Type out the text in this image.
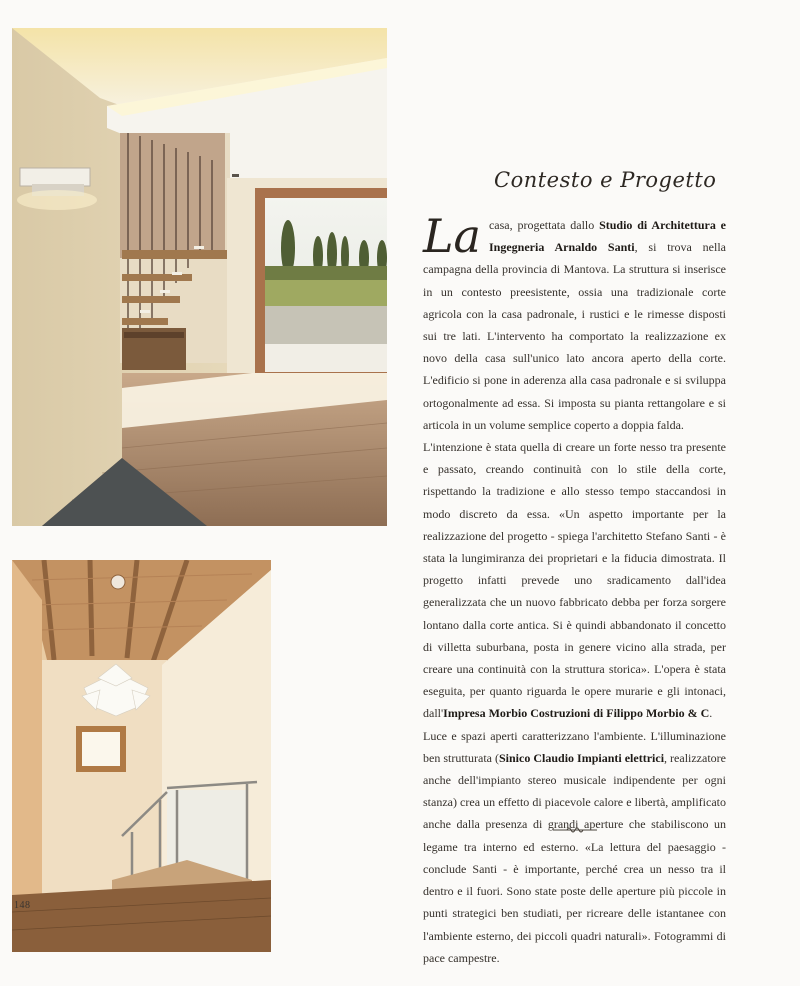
148
Contesto e Progetto
La casa, progettata dallo Studio di Architettura e Ingegneria Arnaldo Santi, si trova nella campagna della provincia di Mantova. La struttura si inserisce in un contesto preesistente, ossia una tradizionale corte agricola con la casa padronale, i rustici e le rimesse disposti sui tre lati. L'intervento ha comportato la realizzazione ex novo della casa sull'unico lato ancora aperto della corte. L'edificio si pone in aderenza alla casa padronale e si sviluppa ortogonalmente ad essa. Si imposta su pianta rettangolare e si articola in un volume semplice coperto a doppia falda.

L'intenzione è stata quella di creare un forte nesso tra presente e passato, creando continuità con lo stile della corte, rispettando la tradizione e allo stesso tempo staccandosi in modo discreto da essa. «Un aspetto importante per la realizzazione del progetto - spiega l'architetto Stefano Santi - è stata la lungimiranza dei proprietari e la fiducia dimostrata. Il progetto infatti prevede uno sradicamento dall'idea generalizzata che un nuovo fabbricato debba per forza sorgere lontano dalla corte antica. Si è quindi abbandonato il concetto di villetta suburbana, posta in genere vicino alla strada, per creare una continuità con la struttura storica». L'opera è stata eseguita, per quanto riguarda le opere murarie e gli intonaci, dall'Impresa Morbio Costruzioni di Filippo Morbio & C.

Luce e spazi aperti caratterizzano l'ambiente. L'illuminazione ben strutturata (Sinico Claudio Impianti elettrici, realizzatore anche dell'impianto stereo musicale indipendente per ogni stanza) crea un effetto di piacevole calore e libertà, amplificato anche dalla presenza di grandi aperture che stabiliscono un legame tra interno ed esterno. «La lettura del paesaggio - conclude Santi - è importante, perché crea un nesso tra il dentro e il fuori. Sono state poste delle aperture più piccole in punti strategici ben studiati, per ricreare delle istantanee con l'ambiente esterno, dei piccoli quadri naturali». Fotogrammi di pace campestre.
